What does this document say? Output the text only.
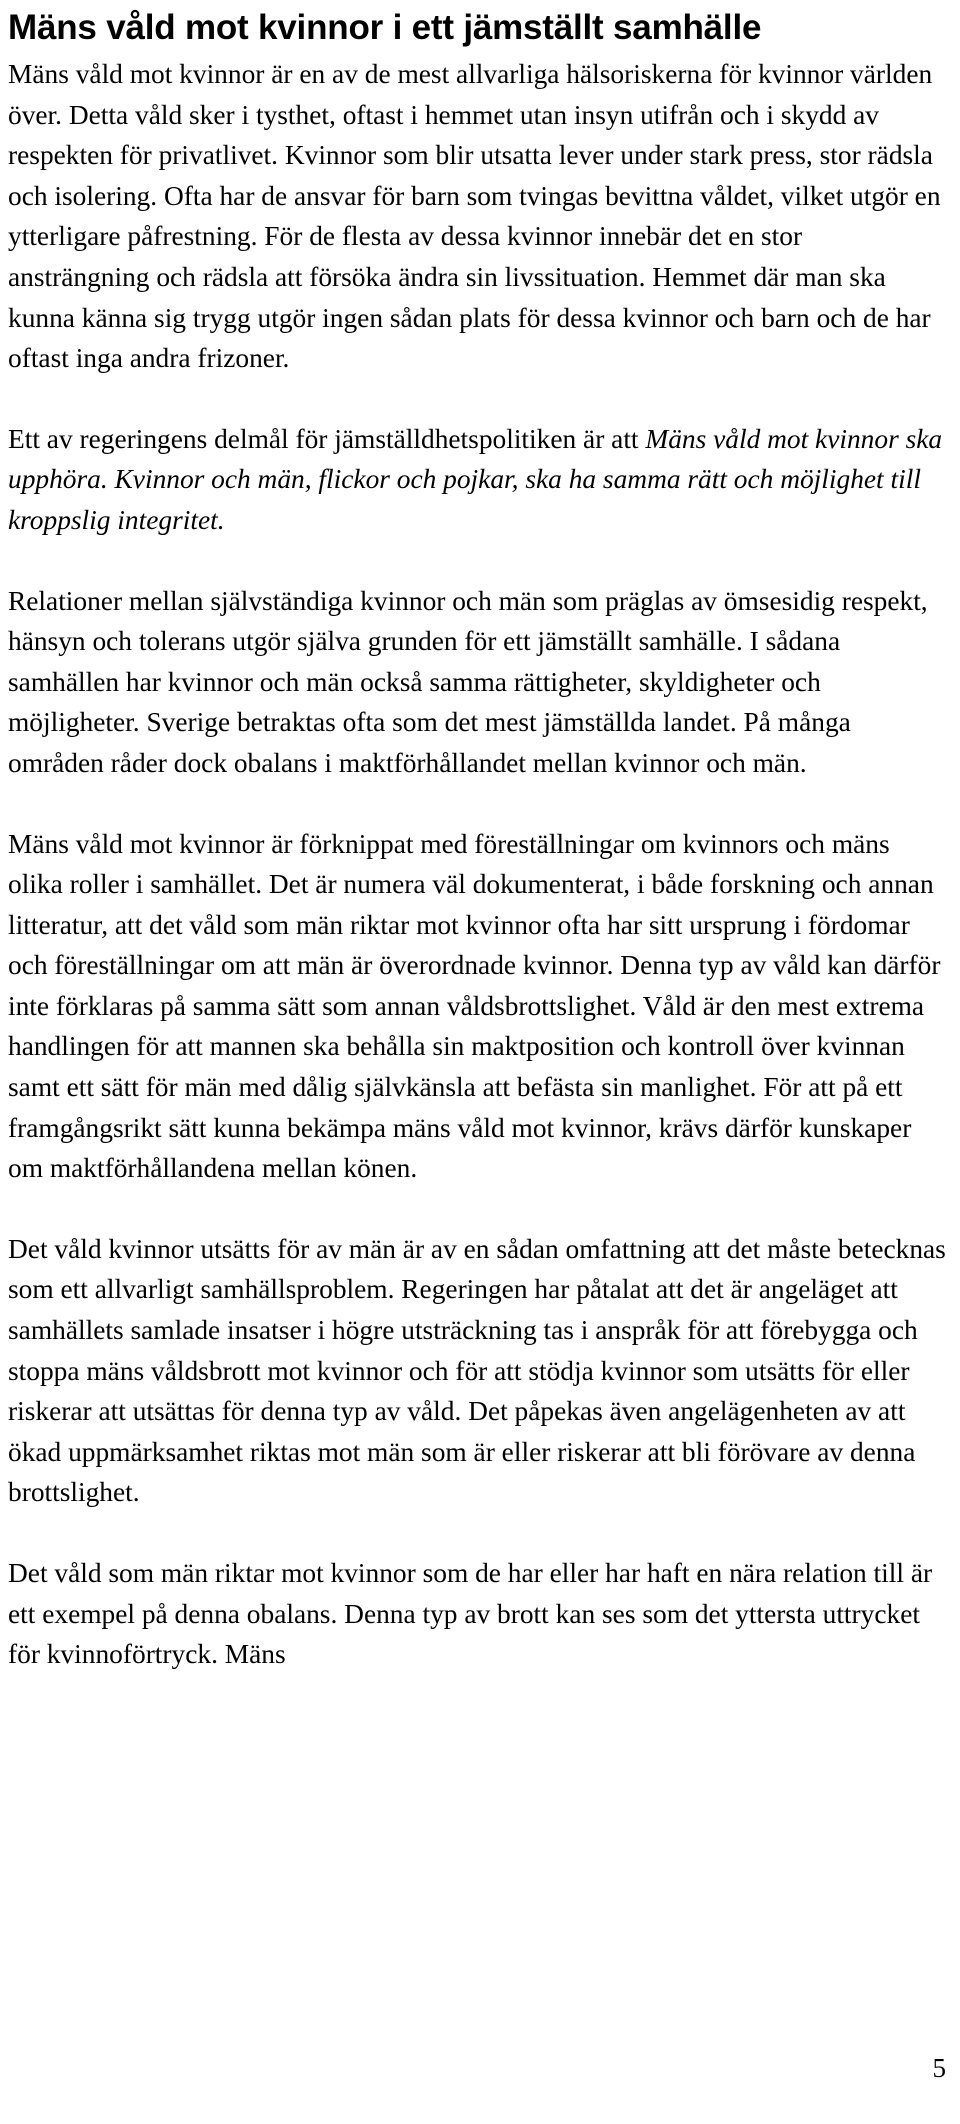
Mäns våld mot kvinnor i ett jämställt samhälle

Mäns våld mot kvinnor är en av de mest allvarliga hälsoriskerna för kvinnor världen över. Detta våld sker i tysthet, oftast i hemmet utan insyn utifrån och i skydd av respekten för privatlivet. Kvinnor som blir utsatta lever under stark press, stor rädsla och isolering. Ofta har de ansvar för barn som tvingas bevittna våldet, vilket utgör en ytterligare påfrestning. För de flesta av dessa kvinnor innebär det en stor ansträngning och rädsla att försöka ändra sin livssituation. Hemmet där man ska kunna känna sig trygg utgör ingen sådan plats för dessa kvinnor och barn och de har oftast inga andra frizoner.

Ett av regeringens delmål för jämställdhetspolitiken är att Mäns våld mot kvinnor ska upphöra. Kvinnor och män, flickor och pojkar, ska ha samma rätt och möjlighet till kroppslig integritet.

Relationer mellan självständiga kvinnor och män som präglas av ömsesidig respekt, hänsyn och tolerans utgör själva grunden för ett jämställt samhälle. I sådana samhällen har kvinnor och män också samma rättigheter, skyldigheter och möjligheter. Sverige betraktas ofta som det mest jämställda landet. På många områden råder dock obalans i maktförhållandet mellan kvinnor och män.

Mäns våld mot kvinnor är förknippat med föreställningar om kvinnors och mäns olika roller i samhället. Det är numera väl dokumenterat, i både forskning och annan litteratur, att det våld som män riktar mot kvinnor ofta har sitt ursprung i fördomar och föreställningar om att män är överordnade kvinnor. Denna typ av våld kan därför inte förklaras på samma sätt som annan våldsbrottslighet. Våld är den mest extrema handlingen för att mannen ska behålla sin maktposition och kontroll över kvinnan samt ett sätt för män med dålig självkänsla att befästa sin manlighet. För att på ett framgångsrikt sätt kunna bekämpa mäns våld mot kvinnor, krävs därför kunskaper om maktförhållandena mellan könen.

Det våld kvinnor utsätts för av män är av en sådan omfattning att det måste betecknas som ett allvarligt samhällsproblem. Regeringen har påtalat att det är angeläget att samhällets samlade insatser i högre utsträckning tas i anspråk för att förebygga och stoppa mäns våldsbrott mot kvinnor och för att stödja kvinnor som utsätts för eller riskerar att utsättas för denna typ av våld. Det påpekas även angelägenheten av att ökad uppmärksamhet riktas mot män som är eller riskerar att bli förövare av denna brottslighet.

Det våld som män riktar mot kvinnor som de har eller har haft en nära relation till är ett exempel på denna obalans. Denna typ av brott kan ses som det yttersta uttrycket för kvinnoförtryck. Mäns

5
